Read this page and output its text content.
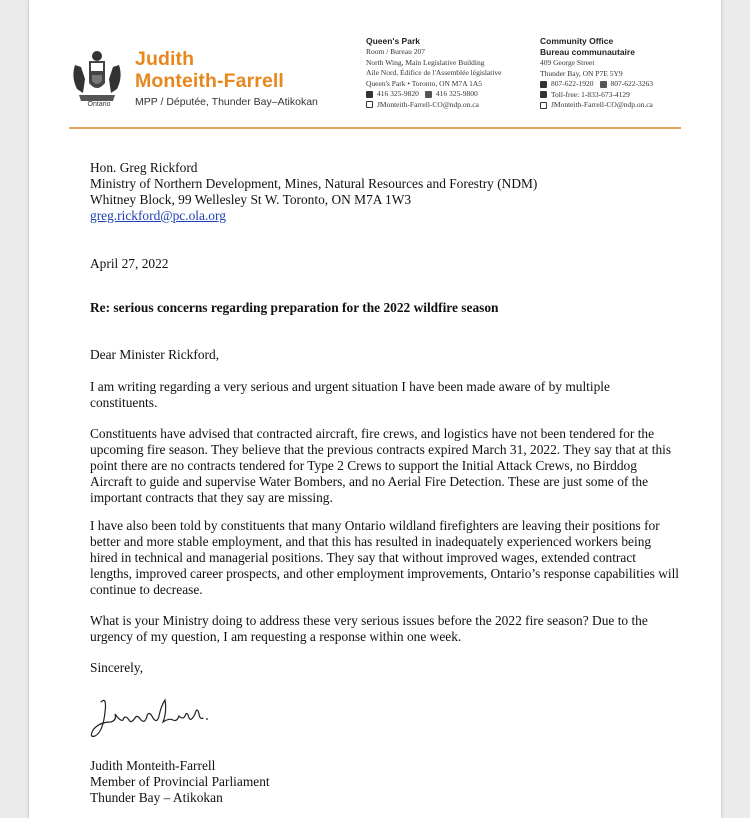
Ontario
Judith
Monteith-Farrell
MPP / Députée, Thunder Bay–Atikokan
Queen's Park
Room / Bureau 207
North Wing, Main Legislative Building
Aile Nord, Édifice de l'Assemblée législative
Queen's Park • Toronto, ON M7A 1A5
416 325-9820 416 325-9800
JMonteith-Farrell-CO@ndp.on.ca
Community Office
Bureau communautaire
409 George Street
Thunder Bay, ON P7E 5Y9
807-622-1920 807-622-3263
Toll-free: 1-833-673-4129
JMonteith-Farrell-CO@ndp.on.ca
Hon. Greg Rickford
Ministry of Northern Development, Mines, Natural Resources and Forestry (NDM)
Whitney Block, 99 Wellesley St W. Toronto, ON M7A 1W3
greg.rickford@pc.ola.org
April 27, 2022
Re: serious concerns regarding preparation for the 2022 wildfire season
Dear Minister Rickford,
I am writing regarding a very serious and urgent situation I have been made aware of by multiple constituents.
Constituents have advised that contracted aircraft, fire crews, and logistics have not been tendered for the upcoming fire season. They believe that the previous contracts expired March 31, 2022. They say that at this point there are no contracts tendered for Type 2 Crews to support the Initial Attack Crews, no Birddog Aircraft to guide and supervise Water Bombers, and no Aerial Fire Detection. These are just some of the important contracts that they say are missing.
I have also been told by constituents that many Ontario wildland firefighters are leaving their positions for better and more stable employment, and that this has resulted in inadequately experienced workers being hired in technical and managerial positions. They say that without improved wages, extended contract lengths, improved career prospects, and other employment improvements, Ontario’s response capabilities will continue to decrease.
What is your Ministry doing to address these very serious issues before the 2022 fire season? Due to the urgency of my question, I am requesting a response within one week.
Sincerely,
Judith Monteith-Farrell
Member of Provincial Parliament
Thunder Bay – Atikokan
